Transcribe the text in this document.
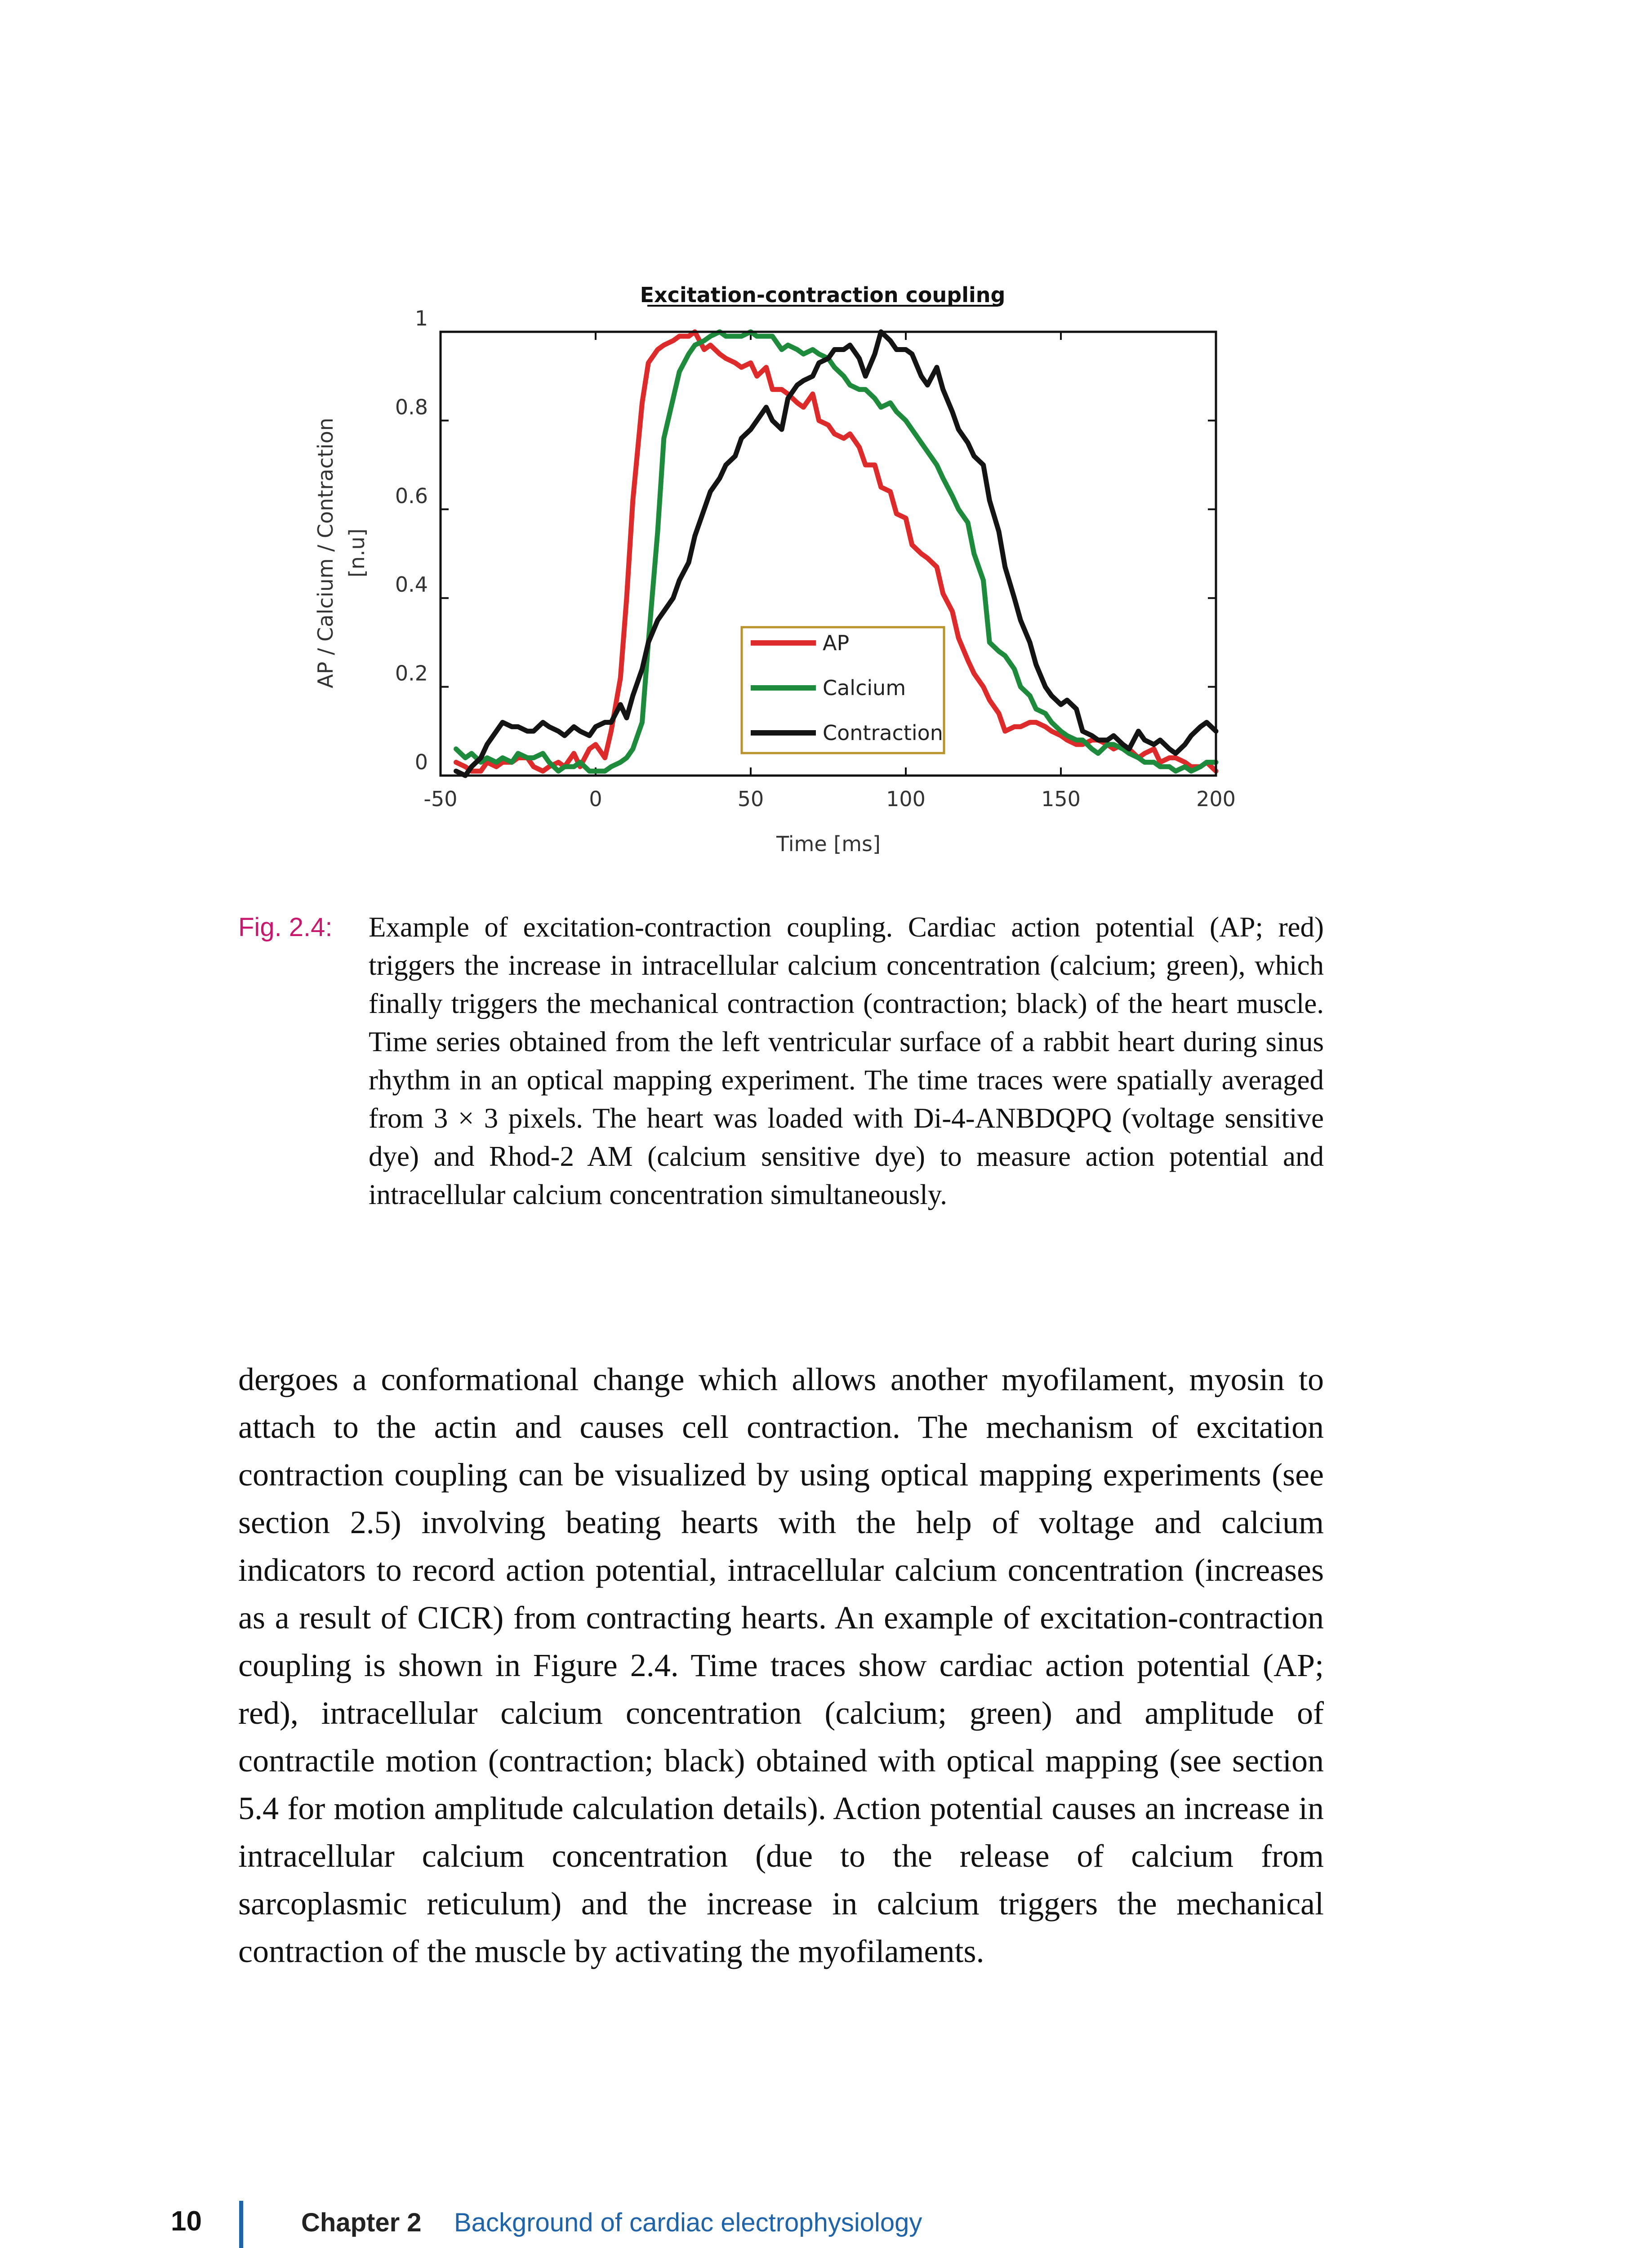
Excitation-contraction coupling
AP / Calcium / Contraction [n.u]
Time [ms]
-50	0	50	100	150	200
0
0.2
0.4
0.6
0.8
1
AP
Calcium
Contraction
Fig. 2.4: Example of excitation-contraction coupling. Cardiac action potential (AP; red) triggers the increase in intracellular calcium concentration (calcium; green), which finally triggers the mechanical contraction (contraction; black) of the heart muscle. Time series obtained from the left ventricular surface of a rabbit heart during sinus rhythm in an optical mapping experiment. The time traces were spatially averaged from 3 × 3 pixels. The heart was loaded with Di-4-ANBDQPQ (voltage sensitive dye) and Rhod-2 AM (calcium sensitive dye) to measure action potential and intracellular calcium concentration simultaneously.

dergoes a conformational change which allows another myofilament, myosin to attach to the actin and causes cell contraction. The mechanism of excitation contraction coupling can be visualized by using optical mapping experiments (see section 2.5) involving beating hearts with the help of voltage and calcium indicators to record action potential, intracellular calcium concentration (increases as a result of CICR) from contracting hearts. An example of excitation-contraction coupling is shown in Figure 2.4. Time traces show cardiac action potential (AP; red), intracellular calcium concentration (calcium; green) and amplitude of contractile motion (contraction; black) obtained with optical mapping (see section 5.4 for motion amplitude calculation details). Action potential causes an increase in intracellular calcium concentration (due to the release of calcium from sarcoplasmic reticulum) and the increase in calcium triggers the mechanical contraction of the muscle by activating the myofilaments.

10	Chapter 2 Background of cardiac electrophysiology
